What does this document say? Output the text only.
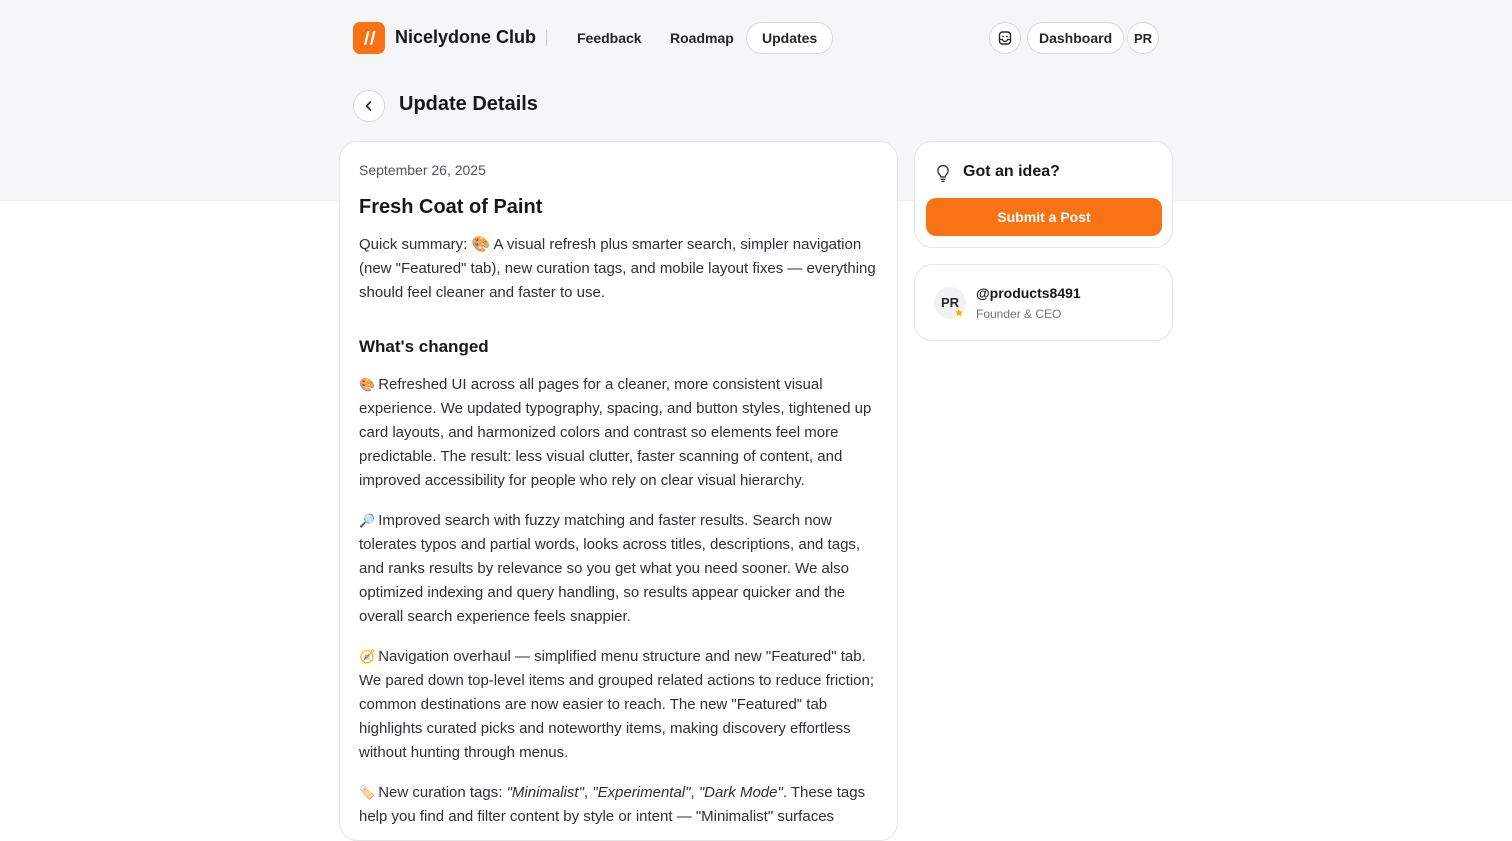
Nicelydone Club	Feedback	Roadmap	Updates	Dashboard	PR
Update Details

September 26, 2025

Fresh Coat of Paint

Quick summary: 🎨 A visual refresh plus smarter search, simpler navigation (new "Featured" tab), new curation tags, and mobile layout fixes — everything should feel cleaner and faster to use.

What's changed

🎨 Refreshed UI across all pages for a cleaner, more consistent visual experience. We updated typography, spacing, and button styles, tightened up card layouts, and harmonized colors and contrast so elements feel more predictable. The result: less visual clutter, faster scanning of content, and improved accessibility for people who rely on clear visual hierarchy.

🔎 Improved search with fuzzy matching and faster results. Search now tolerates typos and partial words, looks across titles, descriptions, and tags, and ranks results by relevance so you get what you need sooner. We also optimized indexing and query handling, so results appear quicker and the overall search experience feels snappier.

🧭 Navigation overhaul — simplified menu structure and new "Featured" tab. We pared down top-level items and grouped related actions to reduce friction; common destinations are now easier to reach. The new "Featured" tab highlights curated picks and noteworthy items, making discovery effortless without hunting through menus.

🏷️ New curation tags: "Minimalist", "Experimental", "Dark Mode". These tags help you find and filter content by style or intent — "Minimalist" surfaces

Got an idea?
Submit a Post
PR
@products8491
Founder & CEO
